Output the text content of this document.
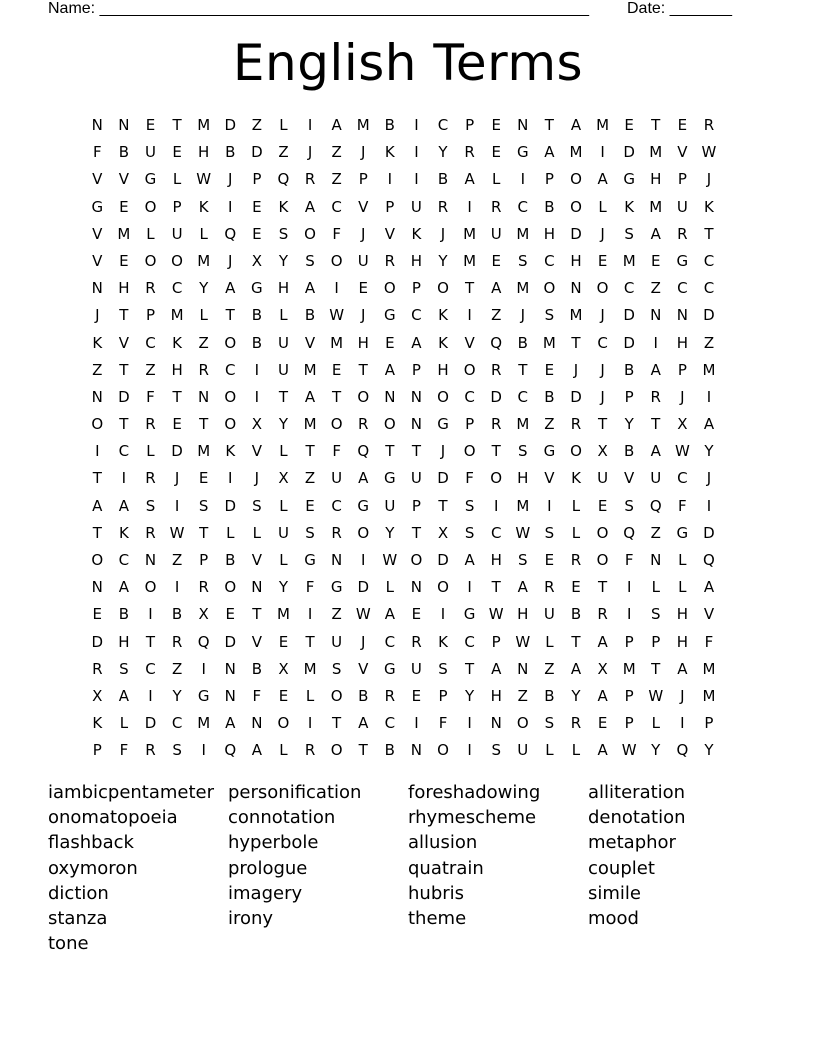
Name: _______________________________________________________ Date: _______
English Terms
N	N	E	T	M D	Z	L	I	A M B	I	C	P	E	N	T	A M	E	T	E	R
F	B	U	E	H	B	D	Z	J	Z	J	K	I	Y	R	E	G	A M	I	D M V W
V	V	G	L	W	J	P	Q	R	Z	P	I	I	B	A	L	I	P	O	A	G	H	P	J
G	E	O	P	K	I	E	K	A	C	V	P	U	R	I	R	C	B	O	L	K	M U	K
V M	L	U	L	Q	E	S	O	F	J	V	K	J	M U M H	D	J	S	A	R	T
V	E	O O M	J	X	Y	S	O	U	R	H	Y	M	E	S	C	H	E	M	E	G	C
N	H	R	C	Y	A	G	H	A	I	E	O	P	O	T	A M O	N	O	C	Z	C	C
J	T	P	M	L	T	B	L	B W	J	G	C	K	I	Z	J	S	M	J	D	N	N	D
K	V	C	K	Z	O	B	U	V M H	E	A	K	V	Q	B M	T	C	D	I	H	Z
Z	T	Z	H	R	C	I	U M	E	T	A	P	H	O	R	T	E	J	J	B	A	P	M
N	D	F	T	N	O	I	T	A	T	O	N	N	O	C	D	C	B	D	J	P	R	J	I
O	T	R	E	T	O	X	Y	M O	R	O	N	G	P	R M Z	R	T	Y	T	X	A
I	C	L	D M	K	V	L	T	F	Q	T	T	J	O	T	S	G O	X	B	A W Y
T	I	R	J	E	I	J	X	Z	U	A	G	U	D	F	O	H	V	K	U	V	U	C	J
A	A	S	I	S	D	S	L	E	C	G	U	P	T	S	I	M	I	L	E	S	Q	F	I
T	K	R W T	L	L	U	S	R	O	Y	T	X	S	C W S	L	O Q	Z	G	D
O	C	N	Z	P	B	V	L	G	N	I	W O D	A	H	S	E	R	O	F	N	L	Q
N	A	O	I	R	O	N	Y	F	G	D	L	N	O	I	T	A	R	E	T	I	L	L	A
E	B	I	B	X	E	T	M	I	Z W A	E	I	G W H	U	B	R	I	S	H	V
D	H	T	R	Q D	V	E	T	U	J	C	R	K	C	P W L	T	A	P	P	H	F
R	S	C	Z	I	N	B	X M	S	V	G	U	S	T	A	N	Z	A	X M	T	A M
X	A	I	Y	G	N	F	E	L	O	B	R	E	P	Y	H	Z	B	Y	A	P W	J	M
K	L	D	C M A	N	O	I	T	A	C	I	F	I	N	O	S	R	E	P	L	I	P
P	F	R	S	I	Q	A	L	R	O	T	B	N	O	I	S	U	L	L	A W Y	Q	Y
iambicpentameter personification	foreshadowing	alliteration
onomatopoeia	connotation	rhymescheme	denotation
flashback	hyperbole	allusion	metaphor
oxymoron	prologue	quatrain	couplet
diction	imagery	hubris	simile
stanza	irony	theme	mood
tone
